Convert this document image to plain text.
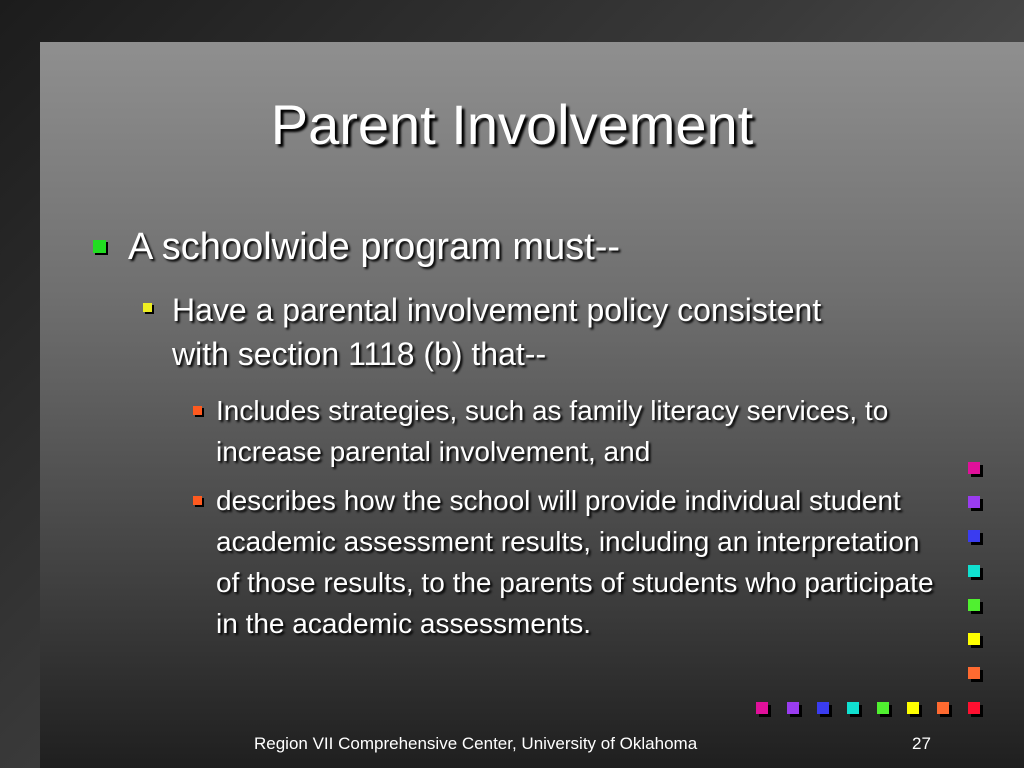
Parent Involvement
A schoolwide program must--
Have a parental involvement policy consistent with section 1118 (b) that--
Includes strategies, such as family literacy services, to increase parental involvement, and
describes how the school will provide individual student academic assessment results, including an interpretation of those results, to the parents of students who participate in the academic assessments.
Region VII Comprehensive Center, University of Oklahoma	27
